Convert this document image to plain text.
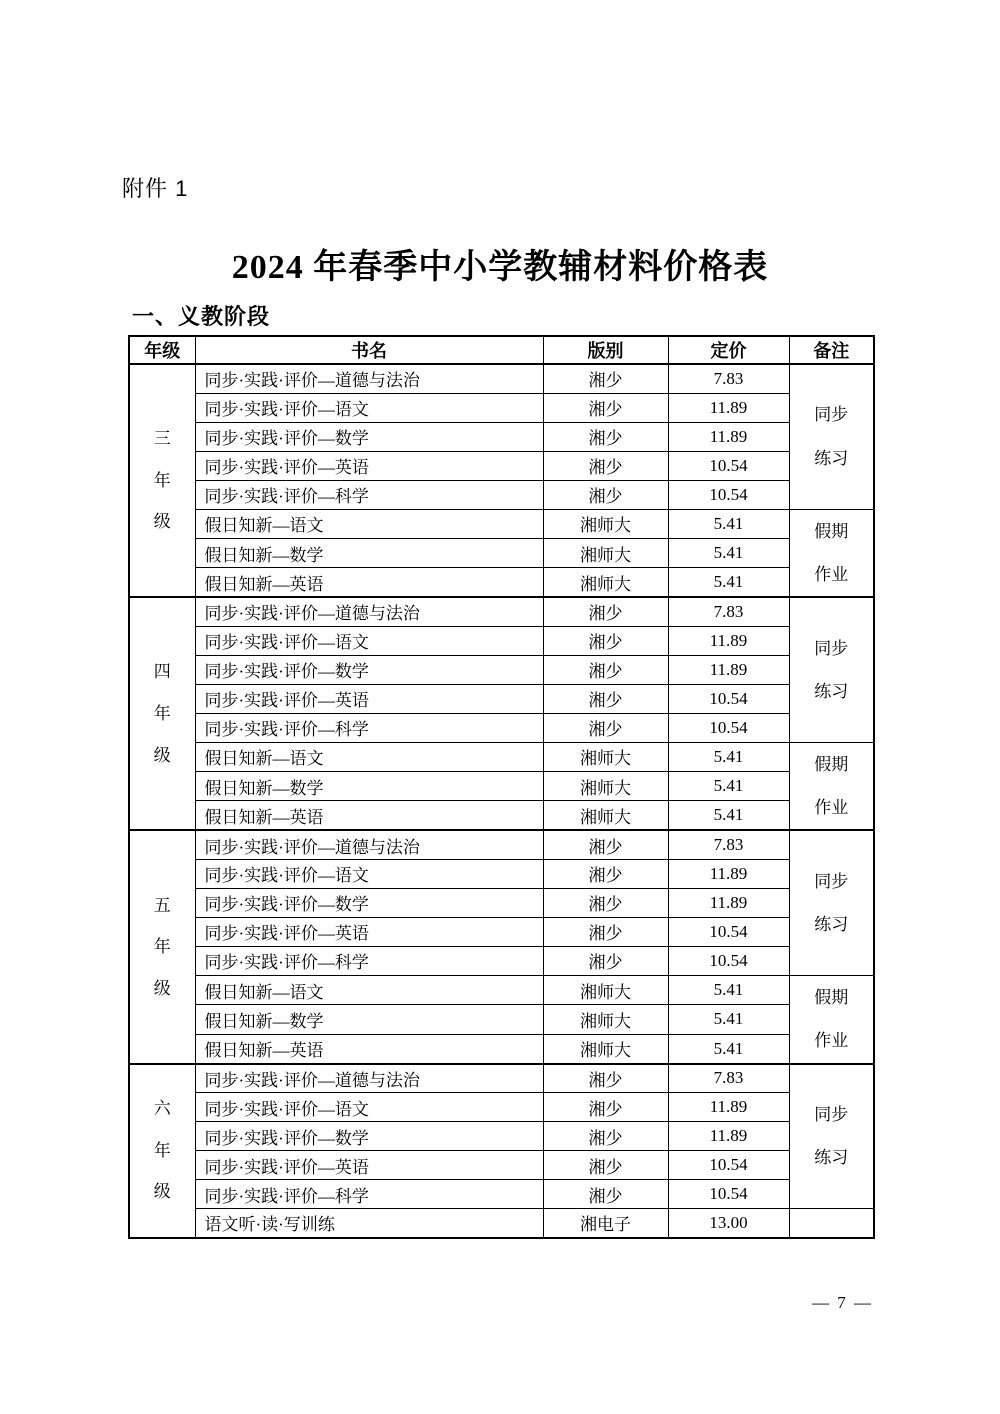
附件 1
2024 年春季中小学教辅材料价格表
一、义教阶段
年级	书名	版别	定价	备注
三年级	同步·实践·评价—道德与法治	湘少	7.83	同步练习
	同步·实践·评价—语文	湘少	11.89	
	同步·实践·评价—数学	湘少	11.89	
	同步·实践·评价—英语	湘少	10.54	
	同步·实践·评价—科学	湘少	10.54	
	假日知新—语文	湘师大	5.41	假期作业
	假日知新—数学	湘师大	5.41	
	假日知新—英语	湘师大	5.41	
四年级	同步·实践·评价—道德与法治	湘少	7.83	同步练习
	同步·实践·评价—语文	湘少	11.89	
	同步·实践·评价—数学	湘少	11.89	
	同步·实践·评价—英语	湘少	10.54	
	同步·实践·评价—科学	湘少	10.54	
	假日知新—语文	湘师大	5.41	假期作业
	假日知新—数学	湘师大	5.41	
	假日知新—英语	湘师大	5.41	
五年级	同步·实践·评价—道德与法治	湘少	7.83	同步练习
	同步·实践·评价—语文	湘少	11.89	
	同步·实践·评价—数学	湘少	11.89	
	同步·实践·评价—英语	湘少	10.54	
	同步·实践·评价—科学	湘少	10.54	
	假日知新—语文	湘师大	5.41	假期作业
	假日知新—数学	湘师大	5.41	
	假日知新—英语	湘师大	5.41	
六年级	同步·实践·评价—道德与法治	湘少	7.83	同步练习
	同步·实践·评价—语文	湘少	11.89	
	同步·实践·评价—数学	湘少	11.89	
	同步·实践·评价—英语	湘少	10.54	
	同步·实践·评价—科学	湘少	10.54	
	语文听·读·写训练	湘电子	13.00	
— 7 —
